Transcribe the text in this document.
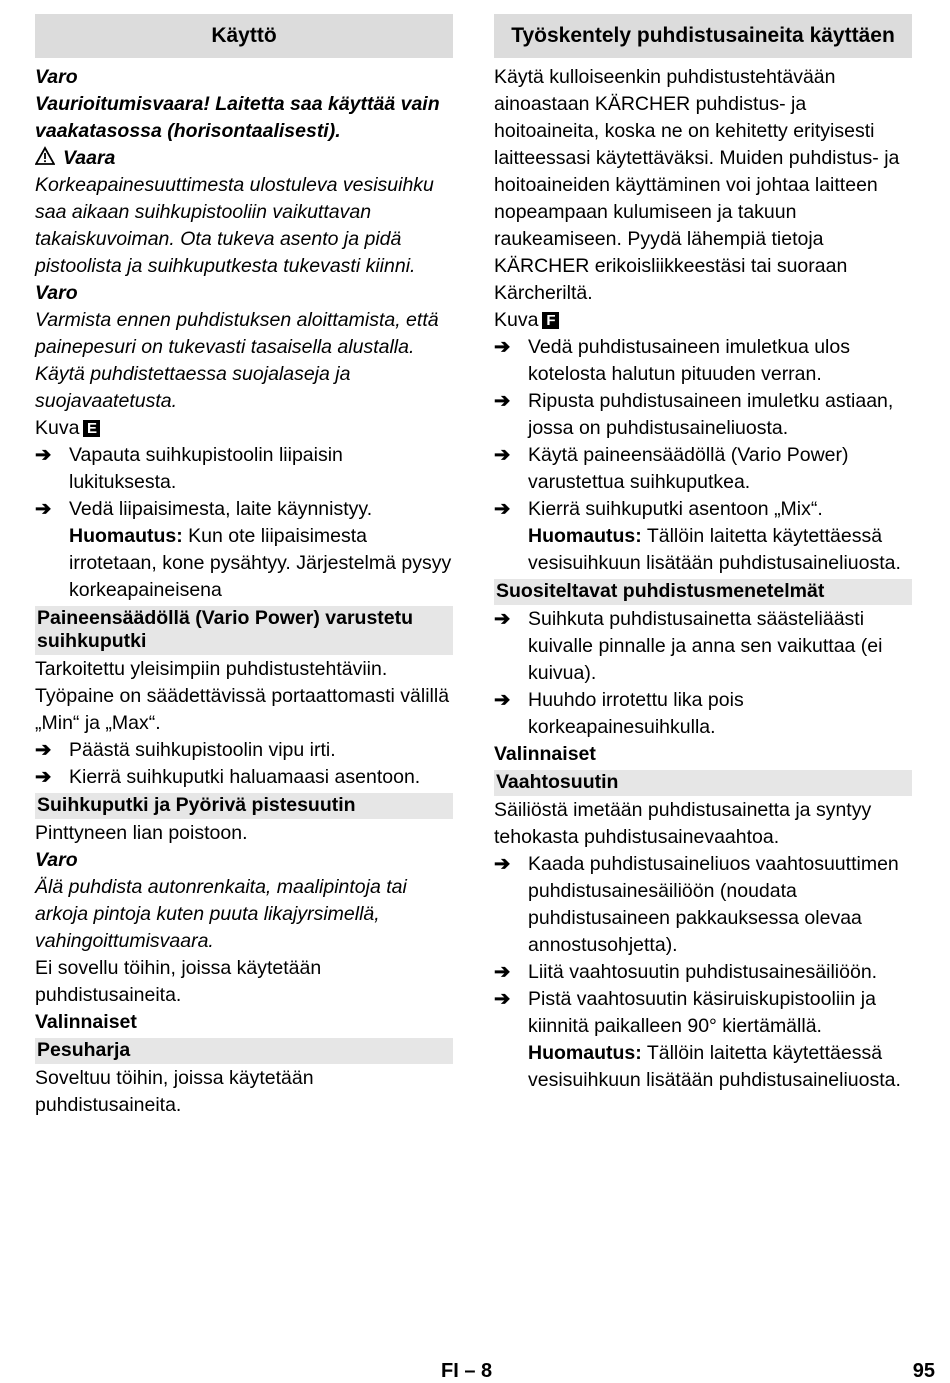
Käyttö
Varo
Vaurioitumisvaara! Laitetta saa käyttää vain vaakatasossa (horisontaalisesti).
Vaara
Korkeapainesuuttimesta ulostuleva vesisuihku saa aikaan suihkupistooliin vaikuttavan takaiskuvoiman. Ota tukeva asento ja pidä pistoolista ja suihkuputkesta tukevasti kiinni.
Varo
Varmista ennen puhdistuksen aloittamista, että painepesuri on tukevasti tasaisella alustalla. Käytä puhdistettaessa suojalaseja ja suojavaatetusta.
Kuva E
➔ Vapauta suihkupistoolin liipaisin lukituksesta.
➔ Vedä liipaisimesta, laite käynnistyy.
Huomautus: Kun ote liipaisimesta irrotetaan, kone pysähtyy. Järjestelmä pysyy korkeapaineisena
Paineensäädöllä (Vario Power) varustetu suihkuputki
Tarkoitettu yleisimpiin puhdistustehtäviin. Työpaine on säädettävissä portaattomasti välillä „Min“ ja „Max“.
➔ Päästä suihkupistoolin vipu irti.
➔ Kierrä suihkuputki haluamaasi asentoon.
Suihkuputki ja Pyörivä pistesuutin
Pinttyneen lian poistoon.
Varo
Älä puhdista autonrenkaita, maalipintoja tai arkoja pintoja kuten puuta likajyrsimellä, vahingoittumisvaara.
Ei sovellu töihin, joissa käytetään puhdistusaineita.
Valinnaiset
Pesuharja
Soveltuu töihin, joissa käytetään puhdistusaineita.
Työskentely puhdistusaineita käyttäen
Käytä kulloiseenkin puhdistustehtävään ainoastaan KÄRCHER puhdistus- ja hoitoaineita, koska ne on kehitetty erityisesti laitteessasi käytettäväksi. Muiden puhdistus- ja hoitoaineiden käyttäminen voi johtaa laitteen nopeampaan kulumiseen ja takuun raukeamiseen. Pyydä lähempiä tietoja KÄRCHER erikoisliikkeestäsi tai suoraan Kärcheriltä.
Kuva F
➔ Vedä puhdistusaineen imuletkua ulos kotelosta halutun pituuden verran.
➔ Ripusta puhdistusaineen imuletku astiaan, jossa on puhdistusaineliuosta.
➔ Käytä paineensäädöllä (Vario Power) varustettua suihkuputkea.
➔ Kierrä suihkuputki asentoon „Mix“.
Huomautus: Tällöin laitetta käytettäessä vesisuihkuun lisätään puhdistusaineliuosta.
Suositeltavat puhdistusmenetelmät
➔ Suihkuta puhdistusainetta säästeliäästi kuivalle pinnalle ja anna sen vaikuttaa (ei kuivua).
➔ Huuhdo irrotettu lika pois korkeapainesuihkulla.
Valinnaiset
Vaahtosuutin
Säiliöstä imetään puhdistusainetta ja syntyy tehokasta puhdistusainevaahtoa.
➔ Kaada puhdistusaineliuos vaahtosuuttimen puhdistusainesäiliöön (noudata puhdistusaineen pakkauksessa olevaa annostusohjetta).
➔ Liitä vaahtosuutin puhdistusainesäiliöön.
➔ Pistä vaahtosuutin käsiruiskupistooliin ja kiinnitä paikalleen 90° kiertämällä.
Huomautus: Tällöin laitetta käytettäessä vesisuihkuun lisätään puhdistusaineliuosta.
FI – 8	95
